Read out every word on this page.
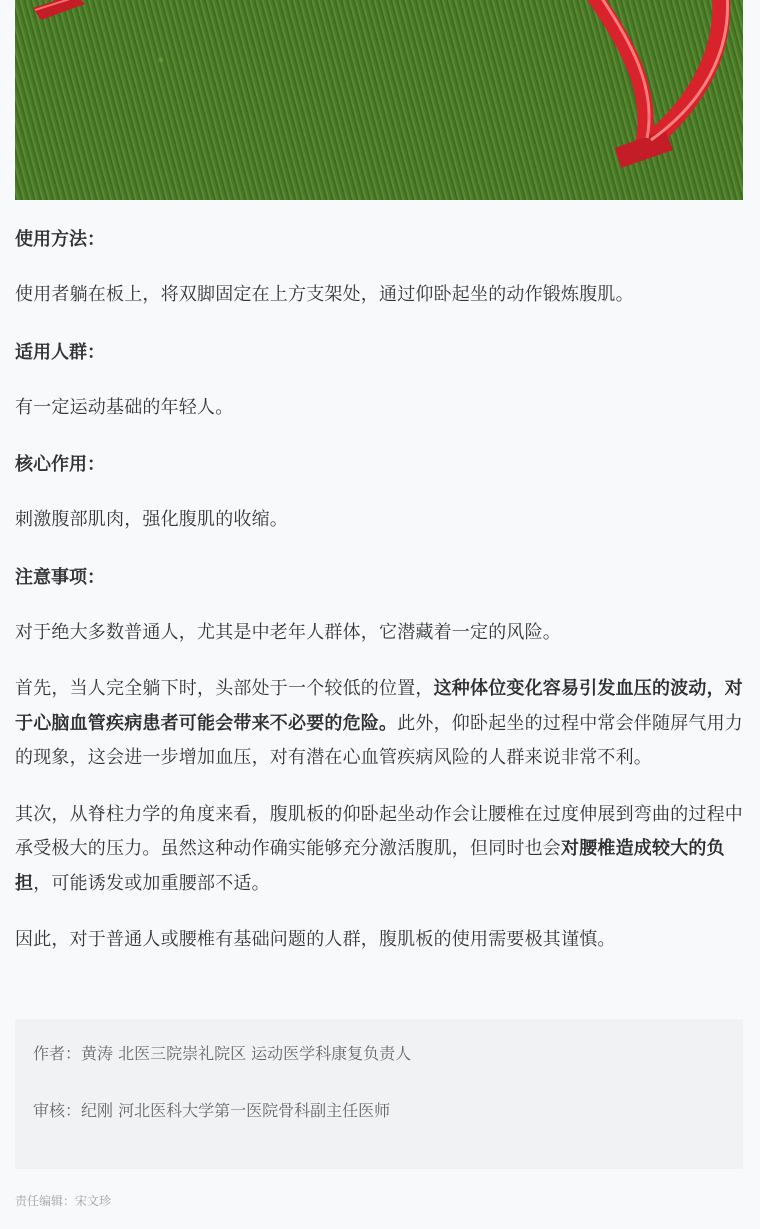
使用方法：

使用者躺在板上，将双脚固定在上方支架处，通过仰卧起坐的动作锻炼腹肌。

适用人群：

有一定运动基础的年轻人。

核心作用：

刺激腹部肌肉，强化腹肌的收缩。

注意事项：

对于绝大多数普通人，尤其是中老年人群体，它潜藏着一定的风险。

首先，当人完全躺下时，头部处于一个较低的位置，这种体位变化容易引发血压的波动，对于心脑血管疾病患者可能会带来不必要的危险。此外，仰卧起坐的过程中常会伴随屏气用力的现象，这会进一步增加血压，对有潜在心血管疾病风险的人群来说非常不利。

其次，从脊柱力学的角度来看，腹肌板的仰卧起坐动作会让腰椎在过度伸展到弯曲的过程中承受极大的压力。虽然这种动作确实能够充分激活腹肌，但同时也会对腰椎造成较大的负担，可能诱发或加重腰部不适。

因此，对于普通人或腰椎有基础问题的人群，腹肌板的使用需要极其谨慎。

作者：黄涛 北医三院崇礼院区 运动医学科康复负责人
审核：纪刚 河北医科大学第一医院骨科副主任医师
责任编辑：宋文珍
